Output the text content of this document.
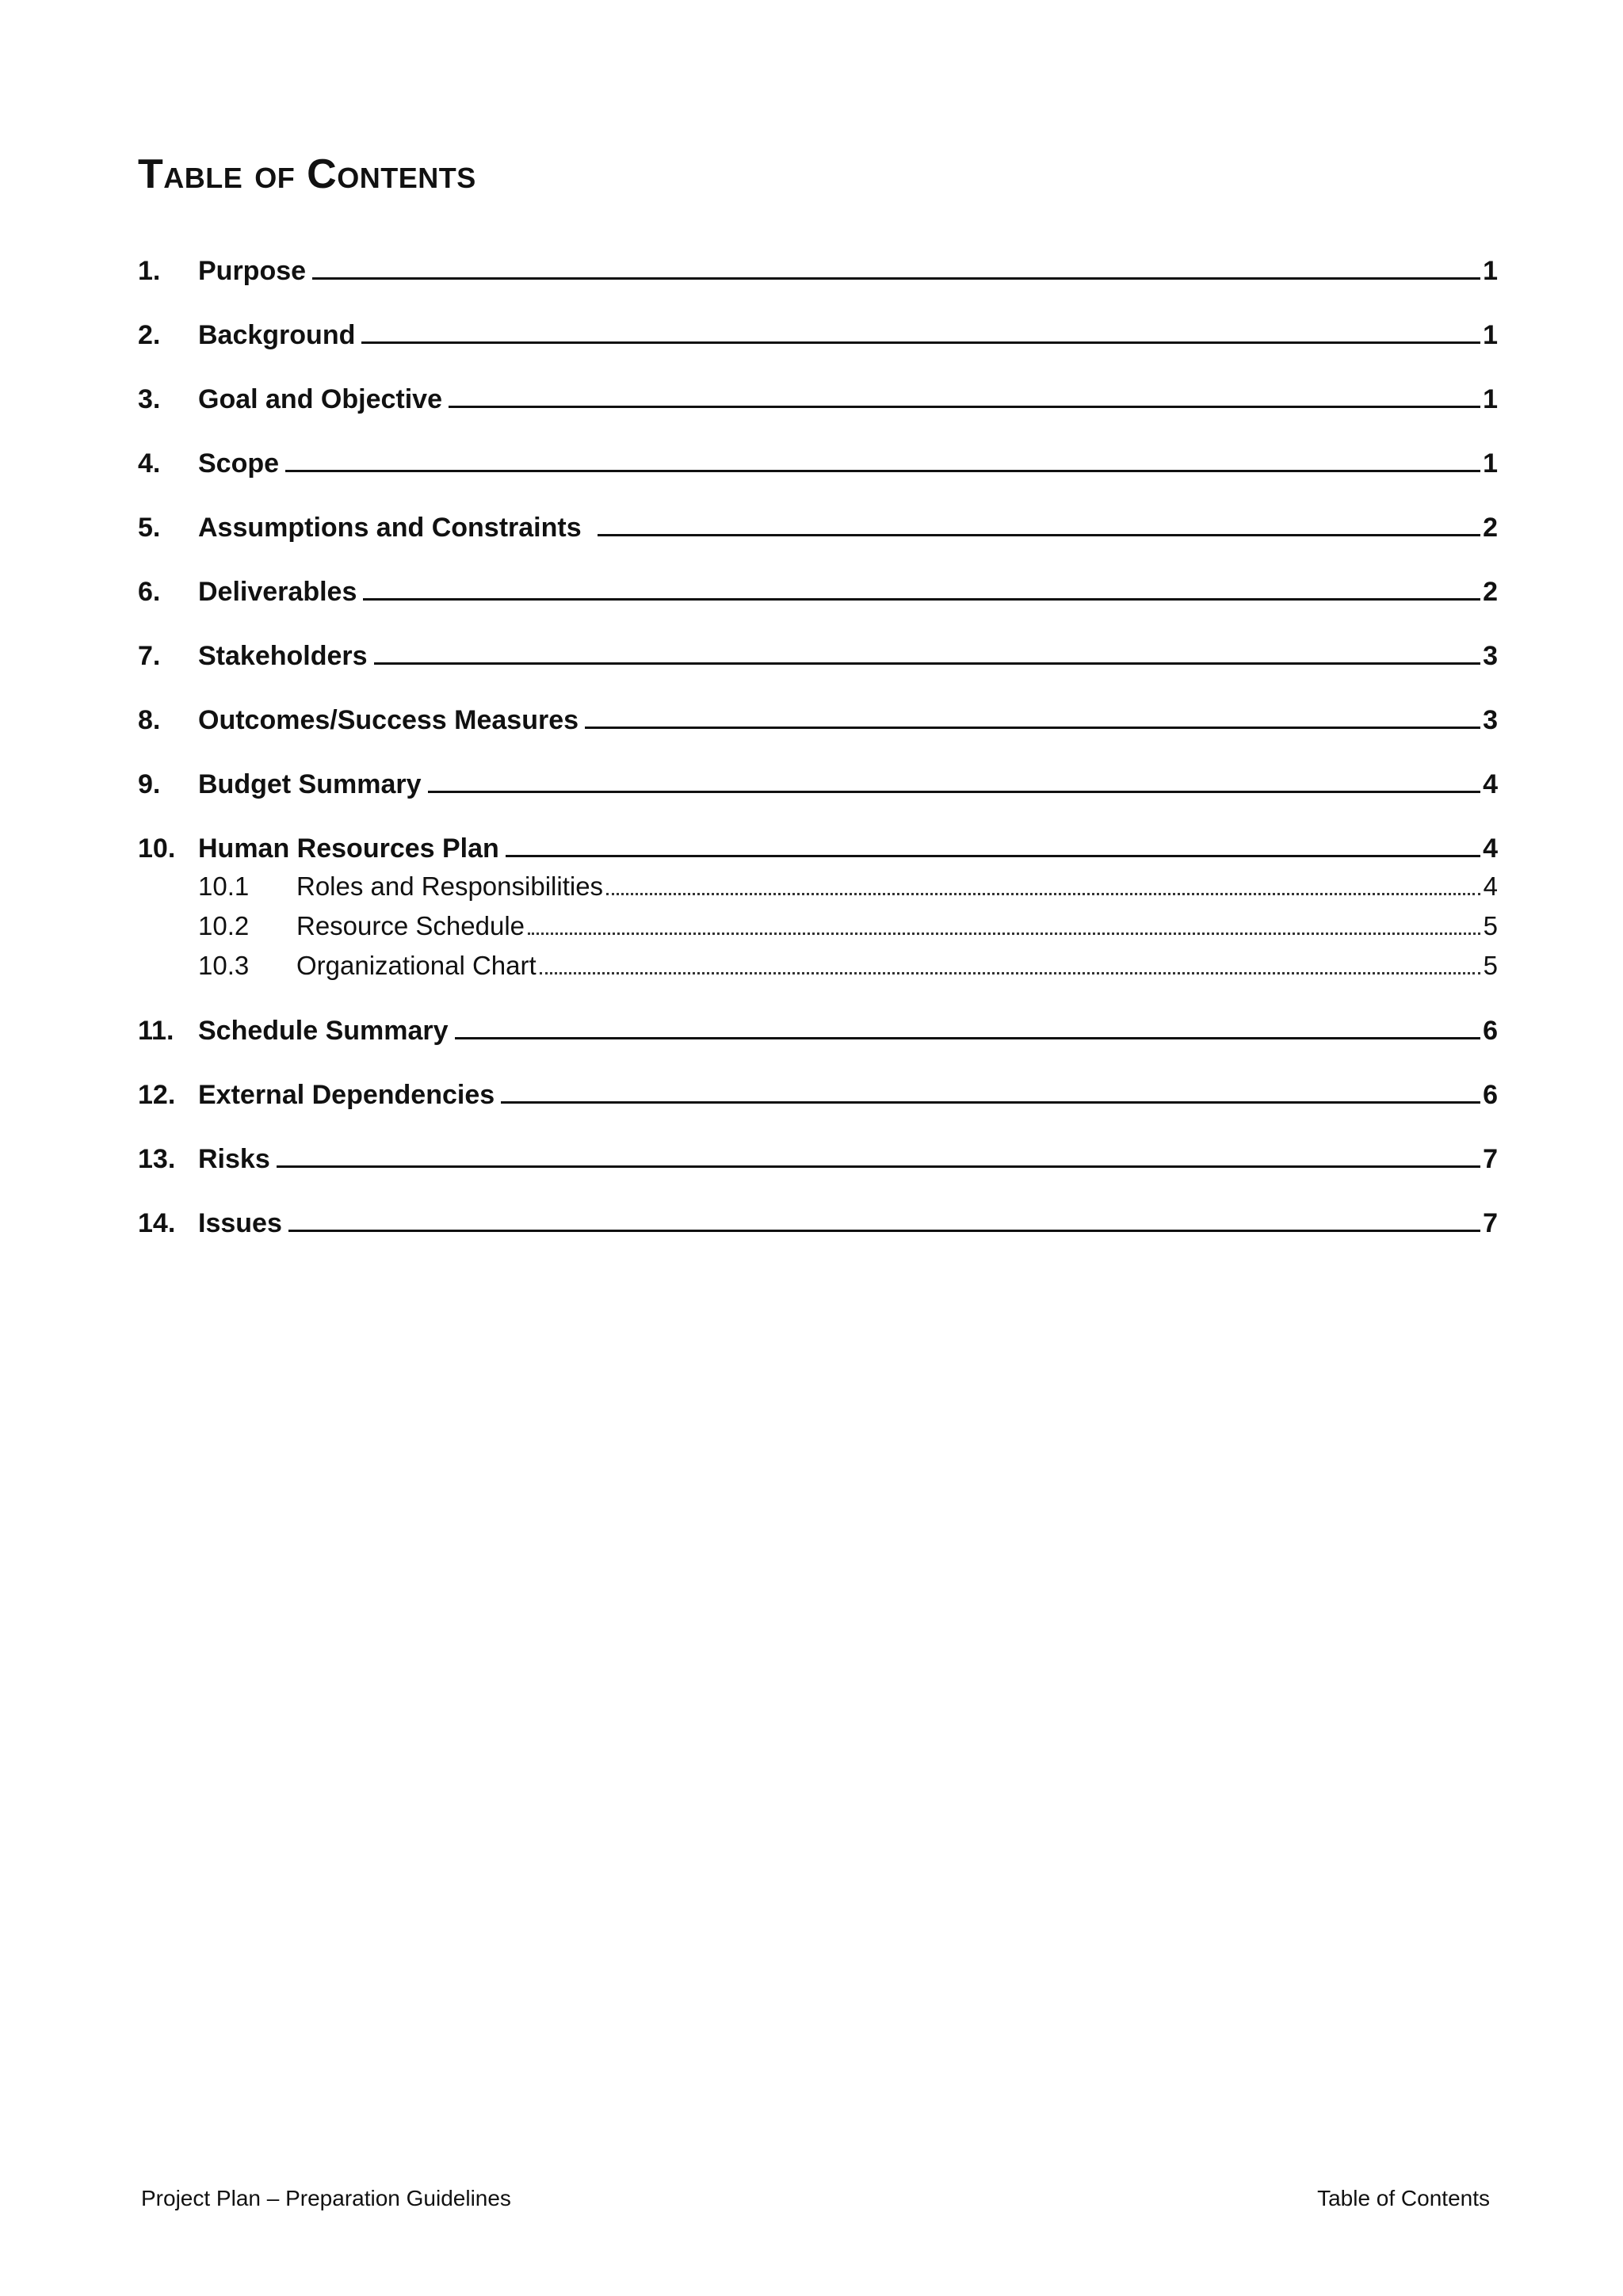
Table of Contents
1.	Purpose	1
2.	Background	1
3.	Goal and Objective	1
4.	Scope	1
5.	Assumptions and Constraints	2
6.	Deliverables	2
7.	Stakeholders	3
8.	Outcomes/Success Measures	3
9.	Budget Summary	4
10. Human Resources Plan	4
10.1	Roles and Responsibilities	4
10.2	Resource Schedule	5
10.3	Organizational Chart	5
11. Schedule Summary	6
12. External Dependencies	6
13. Risks	7
14. Issues	7
Project Plan – Preparation Guidelines	Table of Contents
